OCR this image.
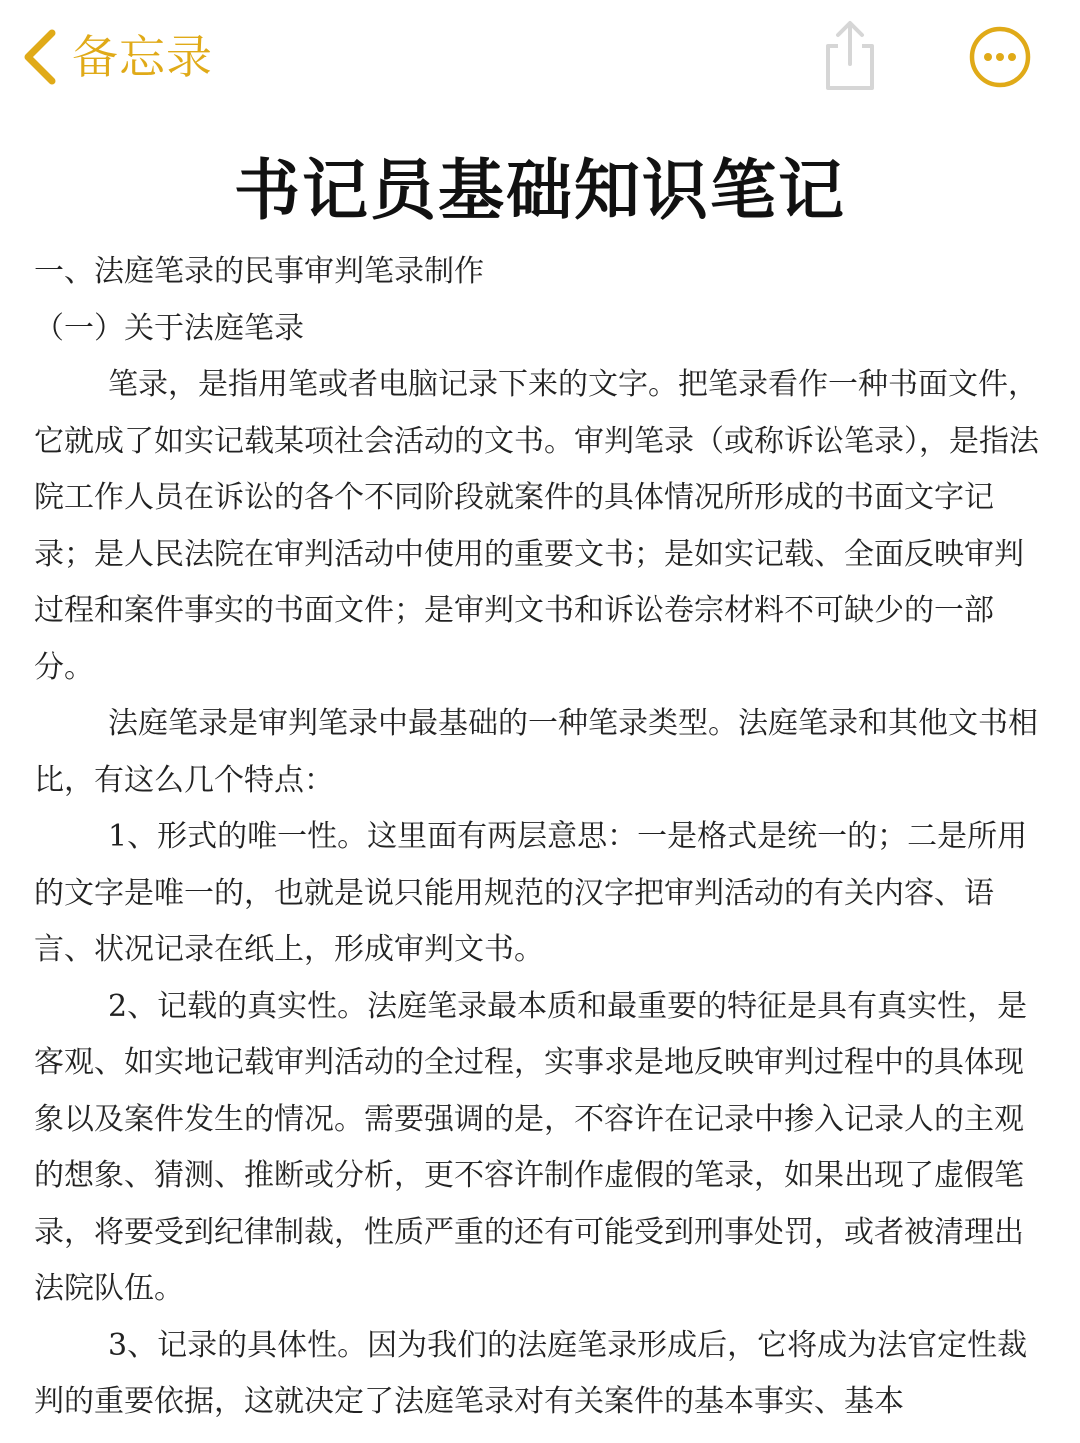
备忘录
书记员基础知识笔记

一、法庭笔录的民事审判笔录制作

（一）关于法庭笔录

笔录，是指用笔或者电脑记录下来的文字。把笔录看作一种书面文件，它就成了如实记载某项社会活动的文书。审判笔录（或称诉讼笔录），是指法院工作人员在诉讼的各个不同阶段就案件的具体情况所形成的书面文字记录；是人民法院在审判活动中使用的重要文书；是如实记载、全面反映审判过程和案件事实的书面文件；是审判文书和诉讼卷宗材料不可缺少的一部分。

法庭笔录是审判笔录中最基础的一种笔录类型。法庭笔录和其他文书相比，有这么几个特点：

1、形式的唯一性。这里面有两层意思：一是格式是统一的；二是所用的文字是唯一的，也就是说只能用规范的汉字把审判活动的有关内容、语言、状况记录在纸上，形成审判文书。

2、记载的真实性。法庭笔录最本质和最重要的特征是具有真实性，是客观、如实地记载审判活动的全过程，实事求是地反映审判过程中的具体现象以及案件发生的情况。需要强调的是，不容许在记录中掺入记录人的主观的想象、猜测、推断或分析，更不容许制作虚假的笔录，如果出现了虚假笔录，将要受到纪律制裁，性质严重的还有可能受到刑事处罚，或者被清理出法院队伍。

3、记录的具体性。因为我们的法庭笔录形成后，它将成为法官定性裁判的重要依据，这就决定了法庭笔录对有关案件的基本事实、基本
